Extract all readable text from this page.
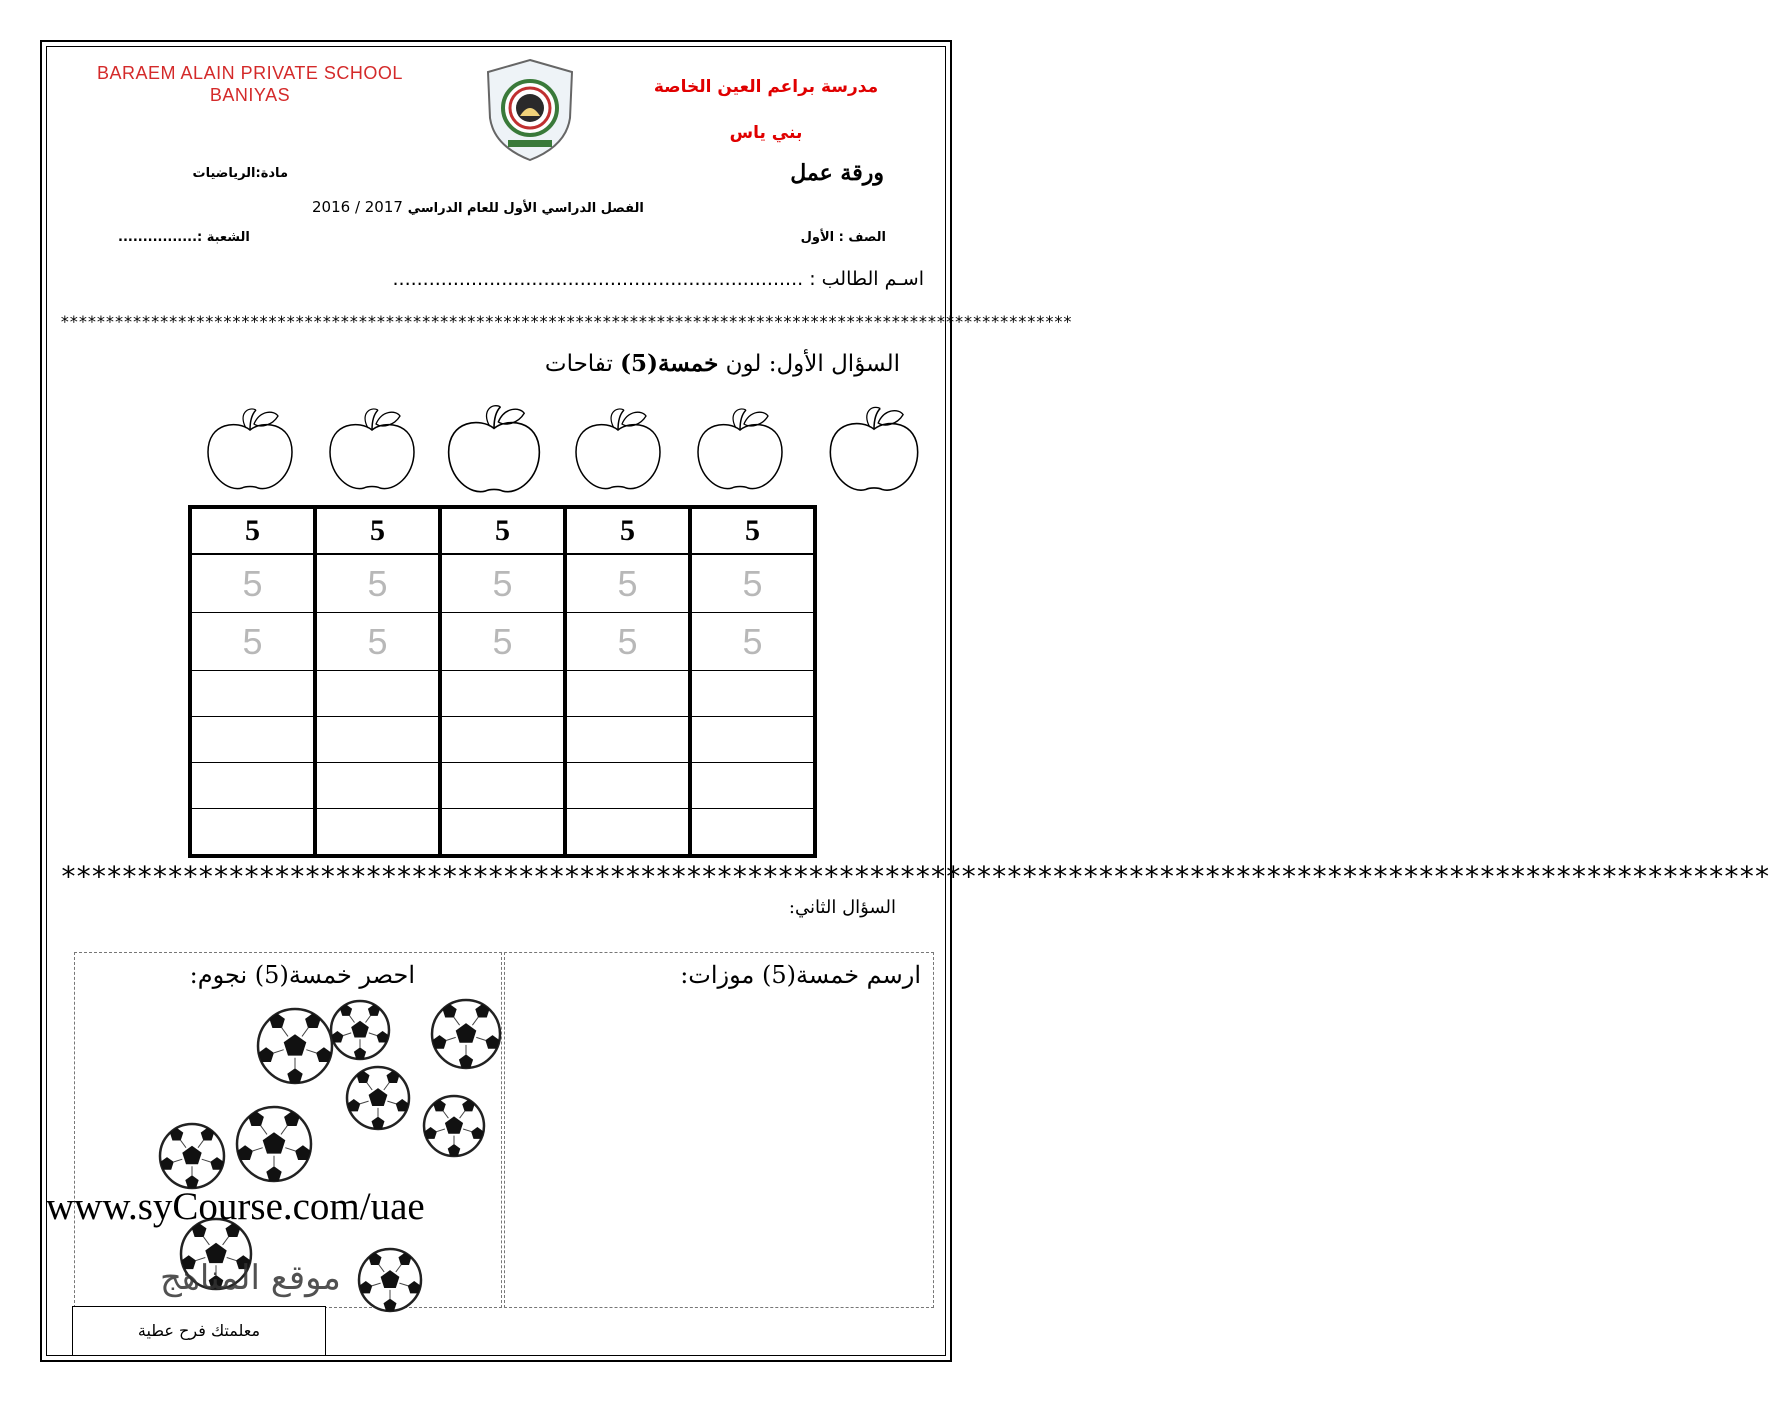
BARAEM ALAIN PRIVATE SCHOOL
BANIYAS	مدرسة براعم العين الخاصة
بني ياس
ورقة عمل
مادة:الرياضيات
2016 / 2017 الفصل الدراسي الأول للعام الدراسي
الصف : الأول
الشعبة :................
اسـم الطالب : ....................................................................
****************************************************************************************************************
السؤال الأول: لون خمسة(5) تفاحات
5	5	5	5	5
5	5	5	5	5
5	5	5	5	5

****************************************************************************************************************
السؤال الثاني:
احصر خمسة(5) نجوم:	ارسم خمسة(5) موزات:
www.syCourse.com/uae
موقع المناهج
معلمتك فرح عطية
